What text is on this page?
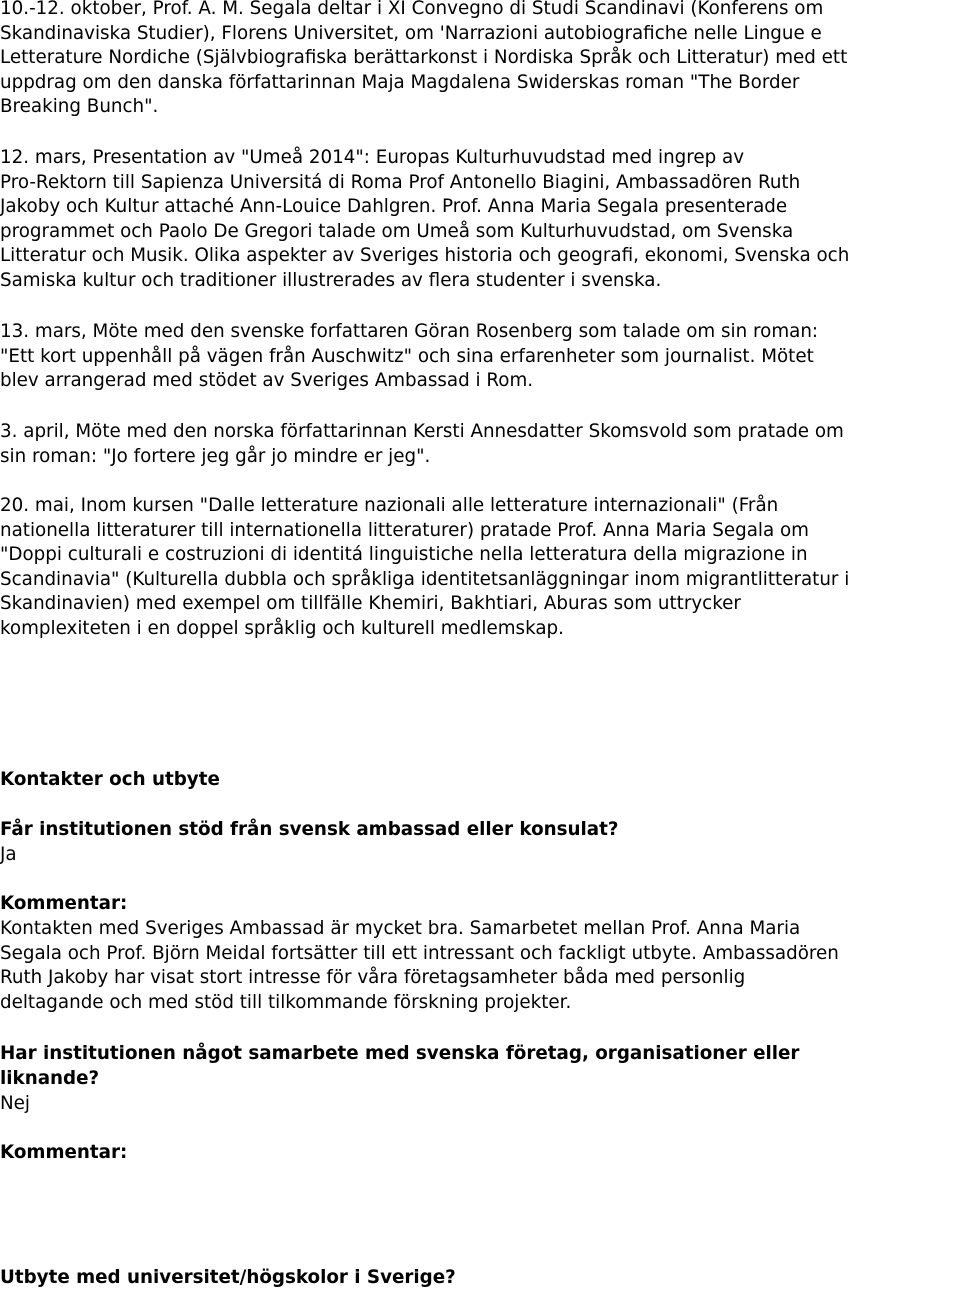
10.-12. oktober, Prof. A. M. Segala deltar i XI Convegno di Studi Scandinavi (Konferens om
Skandinaviska Studier), Florens Universitet, om 'Narrazioni autobiografiche nelle Lingue e
Letterature Nordiche (Självbiografiska berättarkonst i Nordiska Språk och Litteratur) med ett
uppdrag om den danska författarinnan Maja Magdalena Swiderskas roman "The Border
Breaking Bunch".
12. mars, Presentation av "Umeå 2014": Europas Kulturhuvudstad med ingrep av
Pro-Rektorn till Sapienza Universitá di Roma Prof Antonello Biagini, Ambassadören Ruth
Jakoby och Kultur attaché Ann-Louice Dahlgren. Prof. Anna Maria Segala presenterade
programmet och Paolo De Gregori talade om Umeå som Kulturhuvudstad, om Svenska
Litteratur och Musik. Olika aspekter av Sveriges historia och geografi, ekonomi, Svenska och
Samiska kultur och traditioner illustrerades av flera studenter i svenska.
13. mars, Möte med den svenske forfattaren Göran Rosenberg som talade om sin roman:
"Ett kort uppenhåll på vägen från Auschwitz" och sina erfarenheter som journalist. Mötet
blev arrangerad med stödet av Sveriges Ambassad i Rom.
3. april, Möte med den norska författarinnan Kersti Annesdatter Skomsvold som pratade om
sin roman: "Jo fortere jeg går jo mindre er jeg".
20. mai, Inom kursen "Dalle letterature nazionali alle letterature internazionali" (Från
nationella litteraturer till internationella litteraturer) pratade Prof. Anna Maria Segala om
"Doppi culturali e costruzioni di identitá linguistiche nella letteratura della migrazione in
Scandinavia" (Kulturella dubbla och språkliga identitetsanläggningar inom migrantlitteratur i
Skandinavien) med exempel om tillfälle Khemiri, Bakhtiari, Aburas som uttrycker
komplexiteten i en doppel språklig och kulturell medlemskap.
Kontakter och utbyte
Får institutionen stöd från svensk ambassad eller konsulat?
Ja
Kommentar:
Kontakten med Sveriges Ambassad är mycket bra. Samarbetet mellan Prof. Anna Maria
Segala och Prof. Björn Meidal fortsätter till ett intressant och fackligt utbyte. Ambassadören
Ruth Jakoby har visat stort intresse för våra företagsamheter båda med personlig
deltagande och med stöd till tilkommande förskning projekter.
Har institutionen något samarbete med svenska företag, organisationer eller
liknande?
Nej
Kommentar:
Utbyte med universitet/högskolor i Sverige?
